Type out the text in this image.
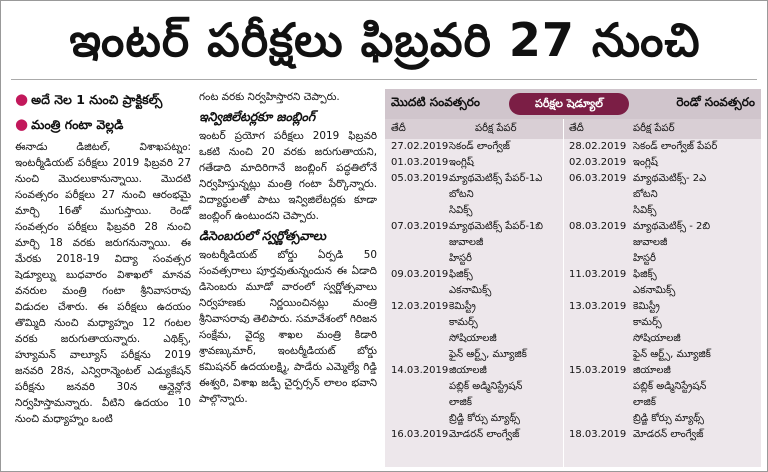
ఇంటర్ పరీక్షలు ఫిబ్రవరి 27 నుంచి
● అదే నెల 1 నుంచి ప్రాక్టికల్స్
● మంత్రి గంటా వెల్లడి

ఈనాడు డిజిటల్, విశాఖపట్నం: ఇంటర్మీడియట్ పరీక్షలు 2019 ఫిబ్రవరి 27 నుంచి మొదలుకానున్నాయి. మొదటి సంవత్సరం పరీక్షలు 27 నుంచి ఆరంభమై మార్చి 16తో ముగుస్తాయి. రెండో సంవత్సరం పరీక్షలు ఫిబ్రవరి 28 నుంచి మార్చి 18 వరకు జరుగనున్నాయి. ఈ మేరకు 2018-19 విద్యా సంవత్సర షెడ్యూల్ను బుధవారం విశాఖలో మానవ వనరుల మంత్రి గంటా శ్రీనివాసరావు విడుదల చేశారు. ఈ పరీక్షలు ఉదయం తొమ్మిది నుంచి మధ్యాహ్నం 12 గంటల వరకు జరుగుతాయన్నారు. ఎథిక్స్, హ్యూమన్ వాల్యూస్ పరీక్షను 2019 జనవరి 28న, ఎన్విరాన్మెంటల్ ఎడ్యుకేషన్ పరీక్షను జనవరి 30న ఆన్లైన్లోనే నిర్వహిస్తామన్నారు. వీటిని ఉదయం 10 నుంచి మధ్యాహ్నం ఒంటి

గంట వరకు నిర్వహిస్తారని చెప్పారు.

ఇన్విజిలేటర్లకూ జంబ్లింగ్

ఇంటర్ ప్రయోగ పరీక్షలు 2019 ఫిబ్రవరి ఒకటి నుంచి 20 వరకు జరుగుతాయని, గతేడాది మాదిరిగానే జంబ్లింగ్ పద్ధతిలోనే నిర్వహిస్తున్నట్లు మంత్రి గంటా పేర్కొన్నారు. విద్యార్థులతో పాటు ఇన్విజిలేటర్లకు కూడా జంబ్లింగ్ ఉంటుందని చెప్పారు.

డిసెంబరులో స్వర్ణోత్సవాలు

ఇంటర్మీడియట్ బోర్డు ఏర్పడి 50 సంవత్సరాలు పూర్తవుతున్నందున ఈ ఏడాది డిసెంబరు మూడో వారంలో స్వర్ణోత్సవాలు నిర్వహణకు నిర్ణయించినట్లు మంత్రి శ్రీనివాసరావు తెలిపారు. సమావేశంలో గిరిజన సంక్షేమ, వైద్య శాఖల మంత్రి కిడారి శ్రావణ్కుమార్, ఇంటర్మీడియట్ బోర్డు కమిషనర్ ఉదయలక్ష్మి, పాడేరు ఎమ్మెల్యే గిడ్డి ఈశ్వరి, విశాఖ జడ్పీ చైర్పర్సన్ లాలం భవాని పాల్గొన్నారు.

మొదటి సంవత్సరం	పరీక్షల షెడ్యూల్	రెండో సంవత్సరం
తేదీ	పరీక్ష పేపర్	తేదీ	పరీక్ష పేపర్
27.02.2019 సెకండ్ లాంగ్వేజ్	28.02.2019 సెకండ్ లాంగ్వేజ్ పేపర్
01.03.2019 ఇంగ్లిష్	02.03.2019 ఇంగ్లిష్
05.03.2019 మ్యాథమెటిక్స్ పేపర్-1ఎ	06.03.2019 మ్యాథమెటిక్స్- 2ఎ
బోటని	బోటని
సివిక్స్	సివిక్స్
07.03.2019 మ్యాథమెటిక్స్ పేపర్-1బి	08.03.2019 మ్యాథమెటిక్స్ - 2బి
జువాలజీ	జువాలజీ
హిస్టరీ	హిస్టరీ
09.03.2019 ఫిజిక్స్	11.03.2019 ఫిజిక్స్
ఎకనామిక్స్	ఎకనామిక్స్
12.03.2019 కెమిస్ట్రీ	13.03.2019 కెమిస్ట్రీ
కామర్స్	కామర్స్
సోషియాలజీ	సోషియాలజీ
ఫైన్ ఆర్ట్స్, మ్యూజిక్	ఫైన్ ఆర్ట్స్, మ్యూజిక్
14.03.2019 జియాలజీ	15.03.2019 జియాలజీ
పబ్లిక్ అడ్మినిస్ట్రేషన్	పబ్లిక్ అడ్మినిస్ట్రేషన్
లాజిక్	లాజిక్
బ్రిడ్జి కోర్సు మ్యాథ్స్	బ్రిడ్జి కోర్సు మ్యాథ్స్
16.03.2019 మోడరన్ లాంగ్వేజ్	18.03.2019 మోడరన్ లాంగ్వేజ్
